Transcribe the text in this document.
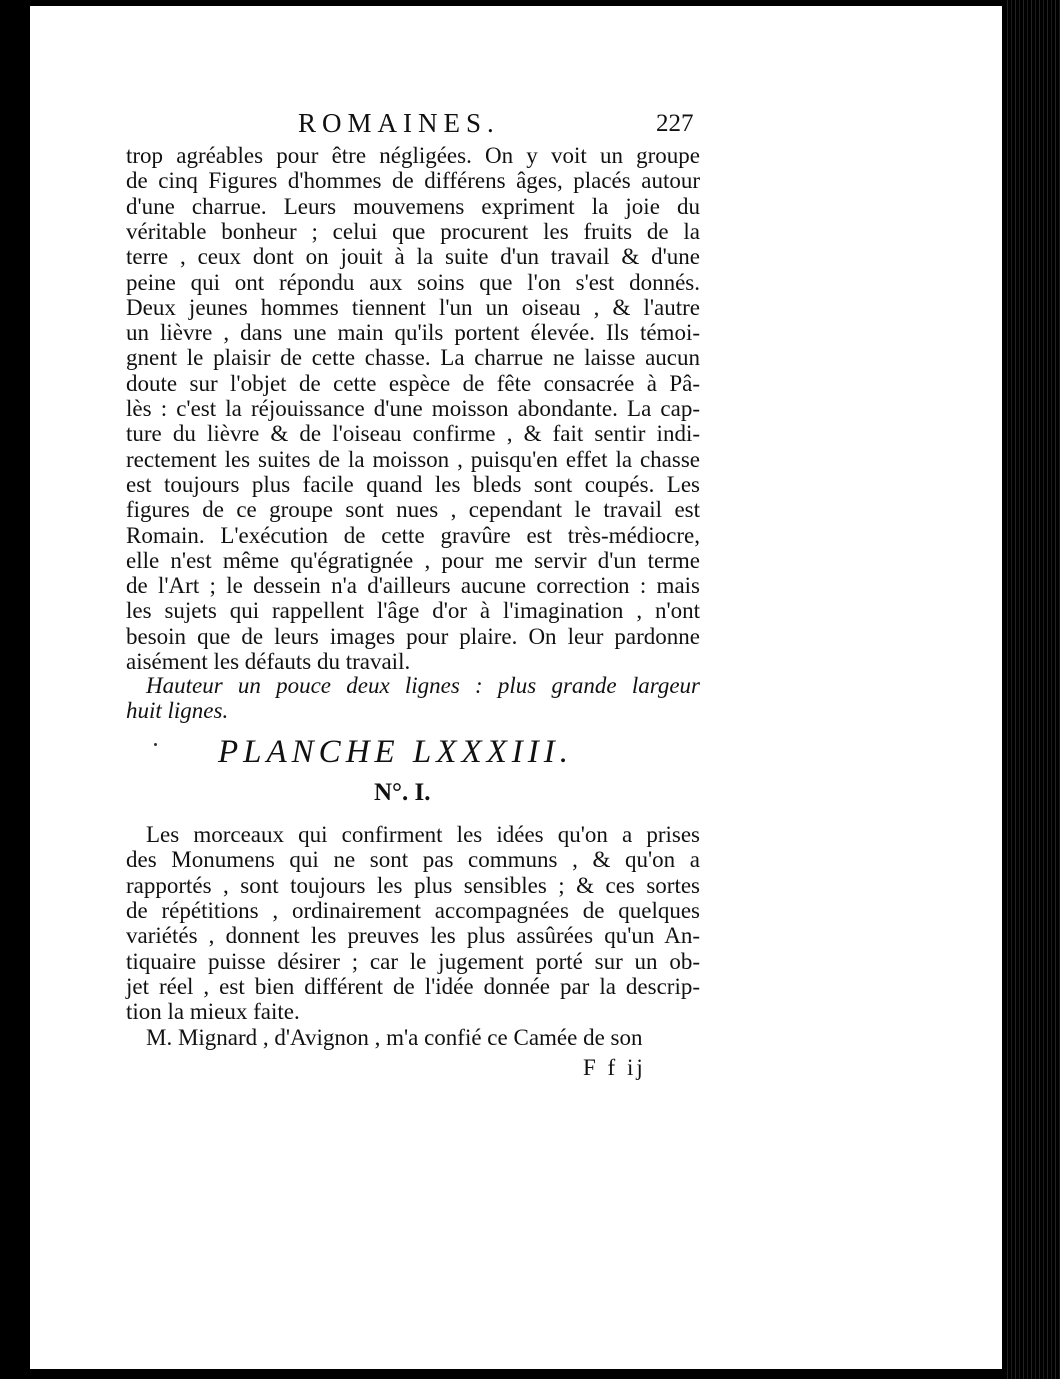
ROMAINES.	227
trop agréables pour être négligées. On y voit un groupe
de cinq Figures d'hommes de différens âges, placés autour
d'une charrue. Leurs mouvemens expriment la joie du
véritable bonheur ; celui que procurent les fruits de la
terre , ceux dont on jouit à la suite d'un travail & d'une
peine qui ont répondu aux soins que l'on s'est donnés.
Deux jeunes hommes tiennent l'un un oiseau , & l'autre
un lièvre , dans une main qu'ils portent élevée. Ils témoi-
gnent le plaisir de cette chasse. La charrue ne laisse aucun
doute sur l'objet de cette espèce de fête consacrée à Pâ-
lès : c'est la réjouissance d'une moisson abondante. La cap-
ture du lièvre & de l'oiseau confirme , & fait sentir indi-
rectement les suites de la moisson , puisqu'en effet la chasse
est toujours plus facile quand les bleds sont coupés. Les
figures de ce groupe sont nues , cependant le travail est
Romain. L'exécution de cette gravûre est très-médiocre,
elle n'est même qu'égratignée , pour me servir d'un terme
de l'Art ; le dessein n'a d'ailleurs aucune correction : mais
les sujets qui rappellent l'âge d'or à l'imagination , n'ont
besoin que de leurs images pour plaire. On leur pardonne
aisément les défauts du travail.
Hauteur un pouce deux lignes : plus grande largeur
huit lignes.
PLANCHE LXXXIII.
N°. I.
Les morceaux qui confirment les idées qu'on a prises
des Monumens qui ne sont pas communs , & qu'on a
rapportés , sont toujours les plus sensibles ; & ces sortes
de répétitions , ordinairement accompagnées de quelques
variétés , donnent les preuves les plus assûrées qu'un An-
tiquaire puisse désirer ; car le jugement porté sur un ob-
jet réel , est bien différent de l'idée donnée par la descrip-
tion la mieux faite.
M. Mignard , d'Avignon , m'a confié ce Camée de son
F f ij
